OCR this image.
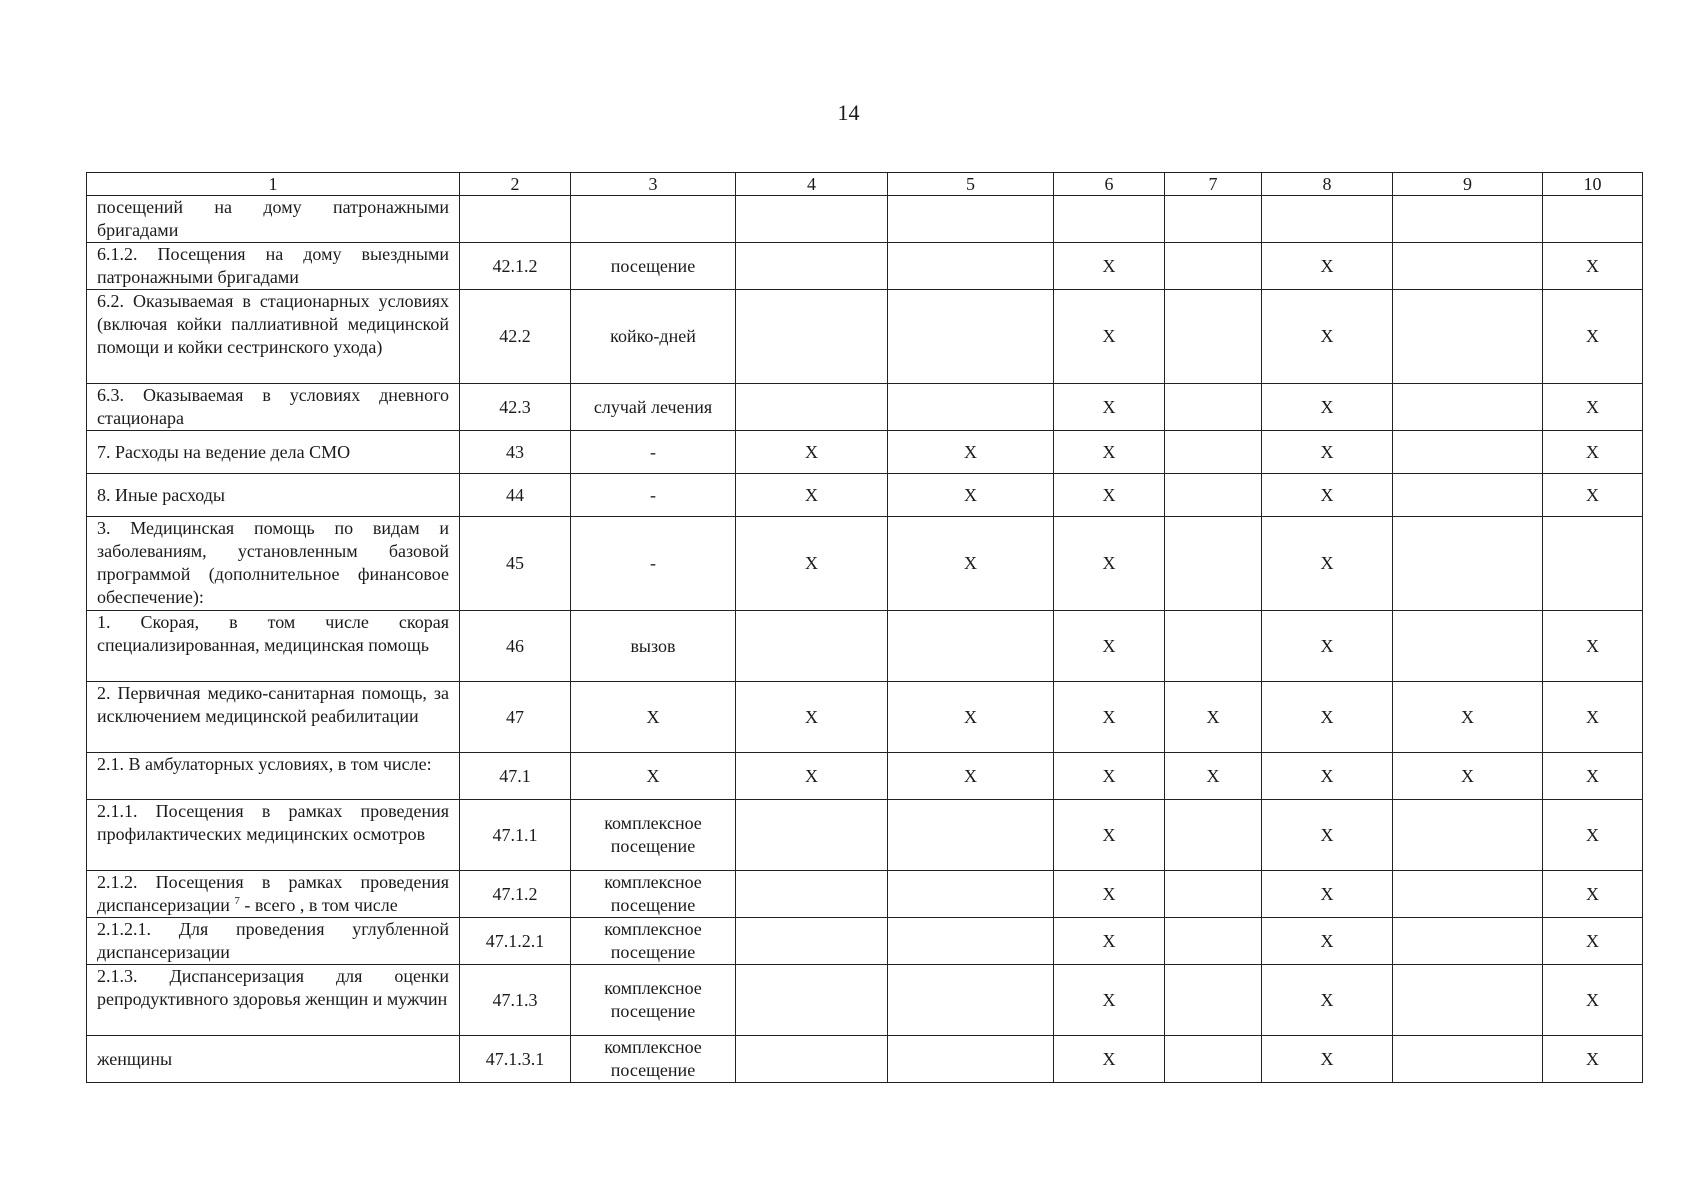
14
1	2	3	4	5	6	7	8	9	10
посещений на дому патронажными бригадами									
6.1.2. Посещения на дому выездными патронажными бригадами	42.1.2	посещение			Х		Х		Х
6.2. Оказываемая в стационарных условиях (включая койки паллиативной медицинской помощи и койки сестринского ухода)	42.2	койко-дней			Х		Х		Х
6.3. Оказываемая в условиях дневного стационара	42.3	случай лечения			Х		Х		Х
7. Расходы на ведение дела СМО	43	-	Х	Х	Х		Х		Х
8. Иные расходы	44	-	Х	Х	Х		Х		Х
3. Медицинская помощь по видам и заболеваниям, установленным базовой программой (дополнительное финансовое обеспечение):	45	-	Х	Х	Х		Х		
1. Скорая, в том числе скорая специализированная, медицинская помощь	46	вызов			Х		Х		Х
2. Первичная медико-санитарная помощь, за исключением медицинской реабилитации	47	Х	Х	Х	Х	Х	Х	Х	Х
2.1. В амбулаторных условиях, в том числе:	47.1	Х	Х	Х	Х	Х	Х	Х	Х
2.1.1. Посещения в рамках проведения профилактических медицинских осмотров	47.1.1	комплексное посещение			Х		Х		Х
2.1.2. Посещения в рамках проведения диспансеризации $^7$ - всего , в том числе	47.1.2	комплексное посещение			Х		Х		Х
2.1.2.1. Для проведения углубленной диспансеризации	47.1.2.1	комплексное посещение			Х		Х		Х
2.1.3. Диспансеризация для оценки репродуктивного здоровья женщин и мужчин	47.1.3	комплексное посещение			Х		Х		Х
женщины	47.1.3.1	комплексное посещение			Х		Х		Х
